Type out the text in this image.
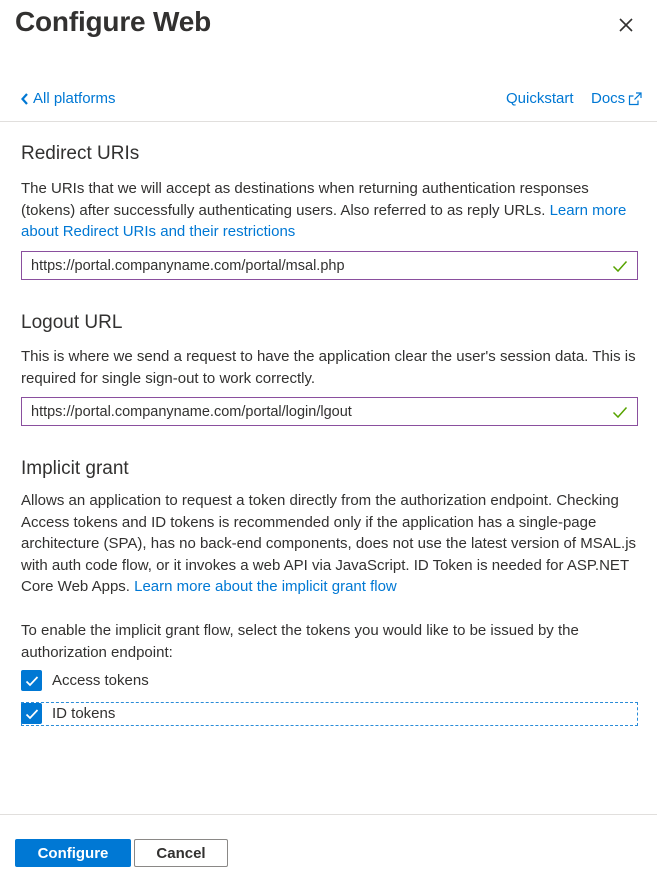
Configure Web
All platforms	Quickstart Docs
Redirect URIs
The URIs that we will accept as destinations when returning authentication responses
(tokens) after successfully authenticating users. Also referred to as reply URLs. Learn more
about Redirect URIs and their restrictions
https://portal.companyname.com/portal/msal.php
Logout URL
This is where we send a request to have the application clear the user's session data. This is
required for single sign-out to work correctly.
https://portal.companyname.com/portal/login/lgout
Implicit grant
Allows an application to request a token directly from the authorization endpoint. Checking
Access tokens and ID tokens is recommended only if the application has a single-page
architecture (SPA), has no back-end components, does not use the latest version of MSAL.js
with auth code flow, or it invokes a web API via JavaScript. ID Token is needed for ASP.NET
Core Web Apps. Learn more about the implicit grant flow
To enable the implicit grant flow, select the tokens you would like to be issued by the
authorization endpoint:
Access tokens
ID tokens
Configure	Cancel
